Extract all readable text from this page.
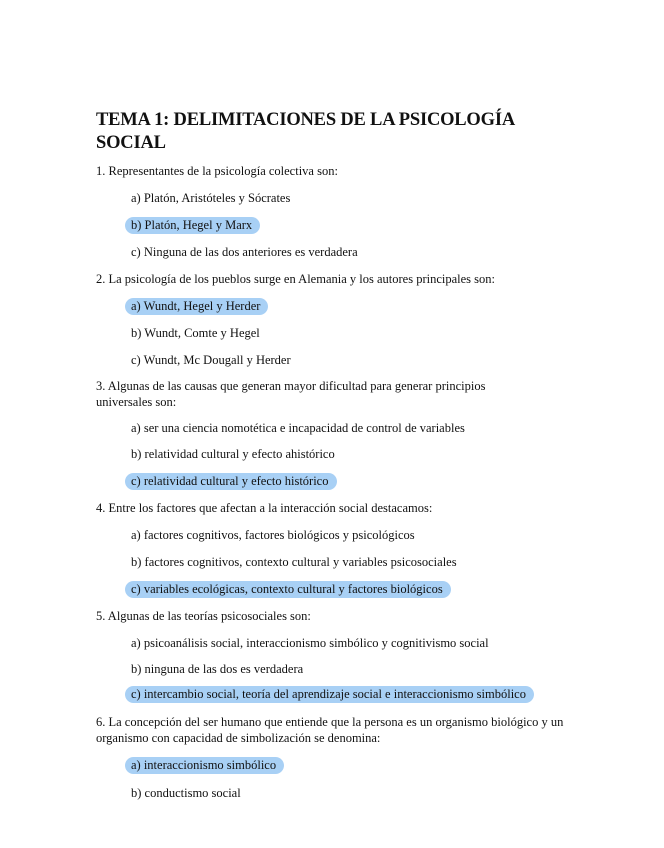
TEMA 1: DELIMITACIONES DE LA PSICOLOGÍA SOCIAL

1. Representantes de la psicología colectiva son:

a) Platón, Aristóteles y Sócrates
b) Platón, Hegel y Marx
c) Ninguna de las dos anteriores es verdadera

2. La psicología de los pueblos surge en Alemania y los autores principales son:

a) Wundt, Hegel y Herder
b) Wundt, Comte y Hegel
c) Wundt, Mc Dougall y Herder

3. Algunas de las causas que generan mayor dificultad para generar principios universales son:

a) ser una ciencia nomotética e incapacidad de control de variables
b) relatividad cultural y efecto ahistórico
c) relatividad cultural y efecto histórico

4. Entre los factores que afectan a la interacción social destacamos:

a) factores cognitivos, factores biológicos y psicológicos
b) factores cognitivos, contexto cultural y variables psicosociales
c) variables ecológicas, contexto cultural y factores biológicos

5. Algunas de las teorías psicosociales son:

a) psicoanálisis social, interaccionismo simbólico y cognitivismo social
b) ninguna de las dos es verdadera
c) intercambio social, teoría del aprendizaje social e interaccionismo simbólico

6. La concepción del ser humano que entiende que la persona es un organismo biológico y un organismo con capacidad de simbolización se denomina:

a) interaccionismo simbólico
b) conductismo social
